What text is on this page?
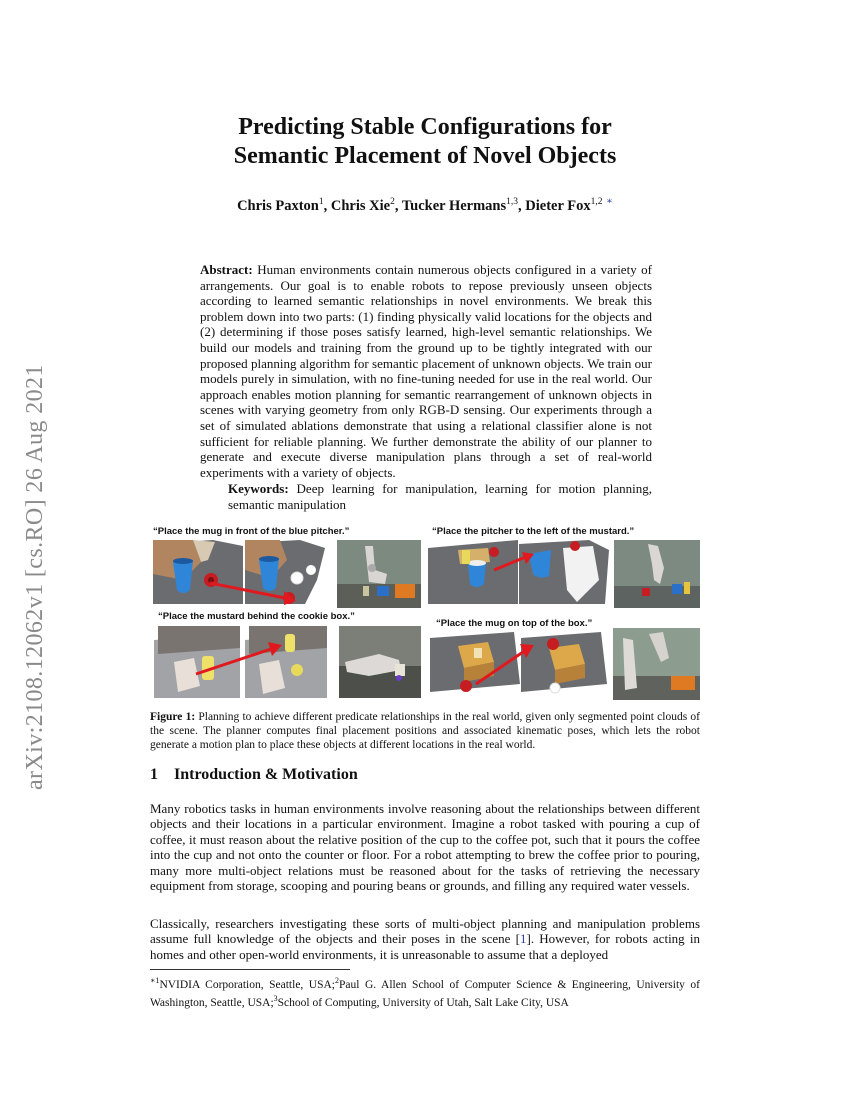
arXiv:2108.12062v1 [cs.RO] 26 Aug 2021
Predicting Stable Configurations for
Semantic Placement of Novel Objects
Chris Paxton$^1$, Chris Xie$^2$, Tucker Hermans$^{1,3}$, Dieter Fox$^{1,2}$ ∗
Abstract: Human environments contain numerous objects configured in a variety of arrangements. Our goal is to enable robots to repose previously unseen objects according to learned semantic relationships in novel environments. We break this problem down into two parts: (1) finding physically valid locations for the objects and (2) determining if those poses satisfy learned, high-level semantic relationships. We build our models and training from the ground up to be tightly integrated with our proposed planning algorithm for semantic placement of unknown objects. We train our models purely in simulation, with no fine-tuning needed for use in the real world. Our approach enables motion planning for semantic rearrangement of unknown objects in scenes with varying geometry from only RGB-D sensing. Our experiments through a set of simulated ablations demonstrate that using a relational classifier alone is not sufficient for reliable planning. We further demonstrate the ability of our planner to generate and execute diverse manipulation plans through a set of real-world experiments with a variety of objects.
Keywords: Deep learning for manipulation, learning for motion planning, semantic manipulation
“Place the mug in front of the blue pitcher.”	“Place the pitcher to the left of the mustard.”
“Place the mustard behind the cookie box.”
“Place the mug on top of the box.”
Figure 1: Planning to achieve different predicate relationships in the real world, given only segmented point clouds of the scene. The planner computes final placement positions and associated kinematic poses, which lets the robot generate a motion plan to place these objects at different locations in the real world.
1 Introduction & Motivation

Many robotics tasks in human environments involve reasoning about the relationships between different objects and their locations in a particular environment. Imagine a robot tasked with pouring a cup of coffee, it must reason about the relative position of the cup to the coffee pot, such that it pours the coffee into the cup and not onto the counter or floor. For a robot attempting to brew the coffee prior to pouring, many more multi-object relations must be reasoned about for the tasks of retrieving the necessary equipment from storage, scooping and pouring beans or grounds, and filling any required water vessels.

Classically, researchers investigating these sorts of multi-object planning and manipulation problems assume full knowledge of the objects and their poses in the scene [1]. However, for robots acting in homes and other open-world environments, it is unreasonable to assume that a deployed

$^{∗1}$NVIDIA Corporation, Seattle, USA;$^2$Paul G. Allen School of Computer Science & Engineering, University of Washington, Seattle, USA;$^3$School of Computing, University of Utah, Salt Lake City, USA
